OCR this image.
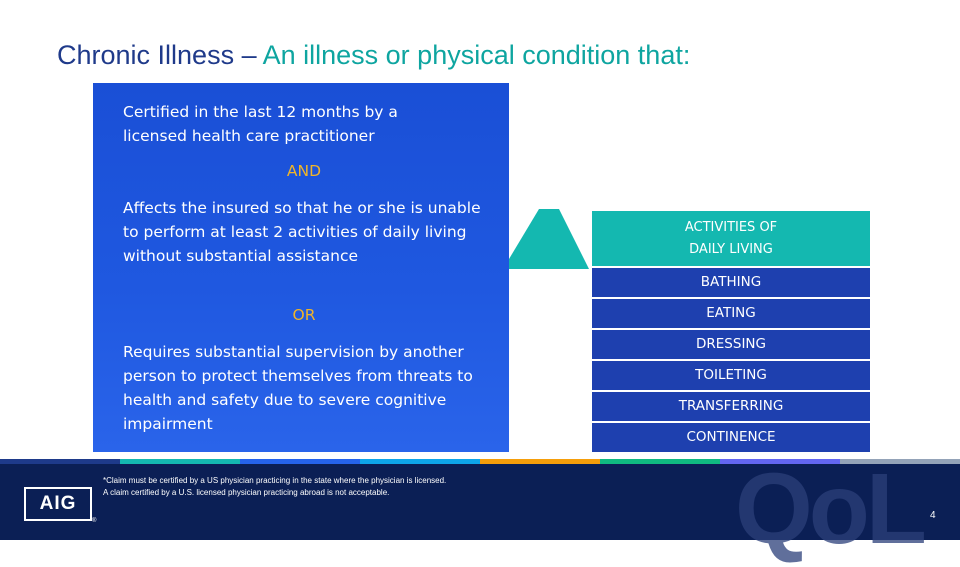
Chronic Illness – An illness or physical condition that:
Certified in the last 12 months by a licensed health care practitioner
AND
Affects the insured so that he or she is unable to perform at least 2 activities of daily living without substantial assistance
OR
Requires substantial supervision by another person to protect themselves from threats to health and safety due to severe cognitive impairment
ACTIVITIES OF DAILY LIVING
BATHING
EATING
DRESSING
TOILETING
TRANSFERRING
CONTINENCE
QoL
AIG
®
*Claim must be certified by a US physician practicing in the state where the physician is licensed.
A claim certified by a U.S. licensed physician practicing abroad is not acceptable.
4
